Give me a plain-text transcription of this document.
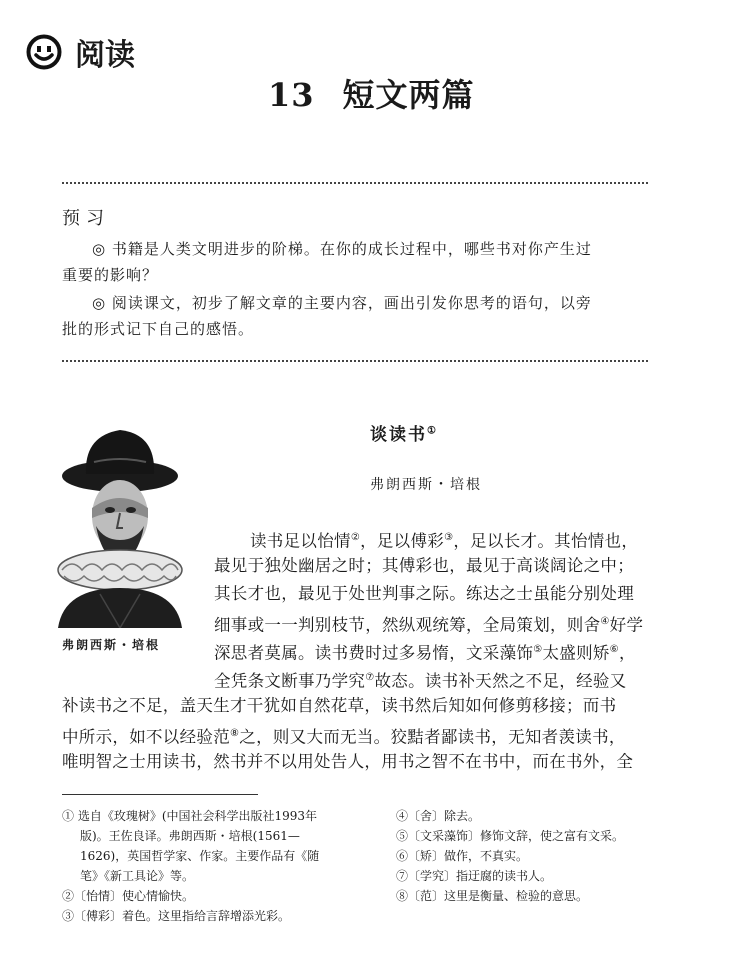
阅读
13 短文两篇
预习
◎ 书籍是人类文明进步的阶梯。在你的成长过程中，哪些书对你产生过
重要的影响？
◎ 阅读课文，初步了解文章的主要内容，画出引发你思考的语句，以旁
批的形式记下自己的感悟。
弗朗西斯・培根
谈读书①
弗朗西斯・培根
读书足以怡情②，足以傅彩③，足以长才。其怡情也，
最见于独处幽居之时；其傅彩也，最见于高谈阔论之中；
其长才也，最见于处世判事之际。练达之士虽能分别处理
细事或一一判别枝节，然纵观统筹，全局策划，则舍④好学
深思者莫属。读书费时过多易惰，文采藻饰⑤太盛则矫⑥，
全凭条文断事乃学究⑦故态。读书补天然之不足，经验又
补读书之不足，盖天生才干犹如自然花草，读书然后知如何修剪移接；而书
中所示，如不以经验范⑧之，则又大而无当。狡黠者鄙读书，无知者羡读书，
唯明智之士用读书，然书并不以用处告人，用书之智不在书中，而在书外，全
① 选自《玫瑰树》(中国社会科学出版社1993年
版)。王佐良译。弗朗西斯・培根(1561—
1626)，英国哲学家、作家。主要作品有《随
笔》《新工具论》等。
②〔怡情〕使心情愉快。
③〔傅彩〕着色。这里指给言辞增添光彩。
④〔舍〕除去。
⑤〔文采藻饰〕修饰文辞，使之富有文采。
⑥〔矫〕做作，不真实。
⑦〔学究〕指迂腐的读书人。
⑧〔范〕这里是衡量、检验的意思。
